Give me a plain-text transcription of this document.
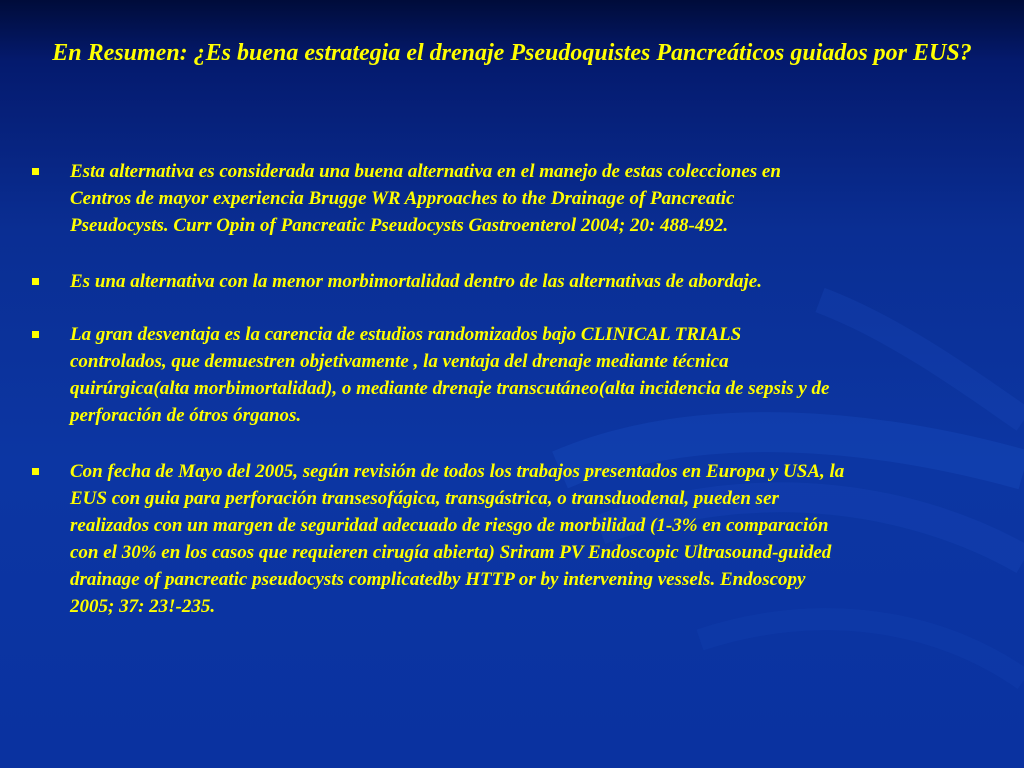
En Resumen: ¿Es buena estrategia el drenaje Pseudoquistes Pancreáticos guiados por EUS?
Esta alternativa es considerada una buena alternativa en el manejo de estas colecciones en
Centros de mayor experiencia Brugge WR Approaches to the Drainage of Pancreatic
Pseudocysts. Curr Opin of Pancreatic Pseudocysts Gastroenterol 2004; 20: 488-492.
Es una alternativa con la menor morbimortalidad dentro de las alternativas de abordaje.
La gran desventaja es la carencia de estudios randomizados bajo CLINICAL TRIALS
controlados, que demuestren objetivamente , la ventaja del drenaje mediante técnica
quirúrgica(alta morbimortalidad), o mediante drenaje transcutáneo(alta incidencia de sepsis y de
perforación de ótros órganos.
Con fecha de Mayo del 2005, según revisión de todos los trabajos presentados en Europa y USA, la
EUS con guia para perforación transesofágica, transgástrica, o transduodenal, pueden ser
realizados con un margen de seguridad adecuado de riesgo de morbilidad (1-3% en comparación
con el 30% en los casos que requieren cirugía abierta) Sriram PV Endoscopic Ultrasound-guided
drainage of pancreatic pseudocysts complicatedby HTTP or by intervening vessels. Endoscopy
2005; 37: 23!-235.
